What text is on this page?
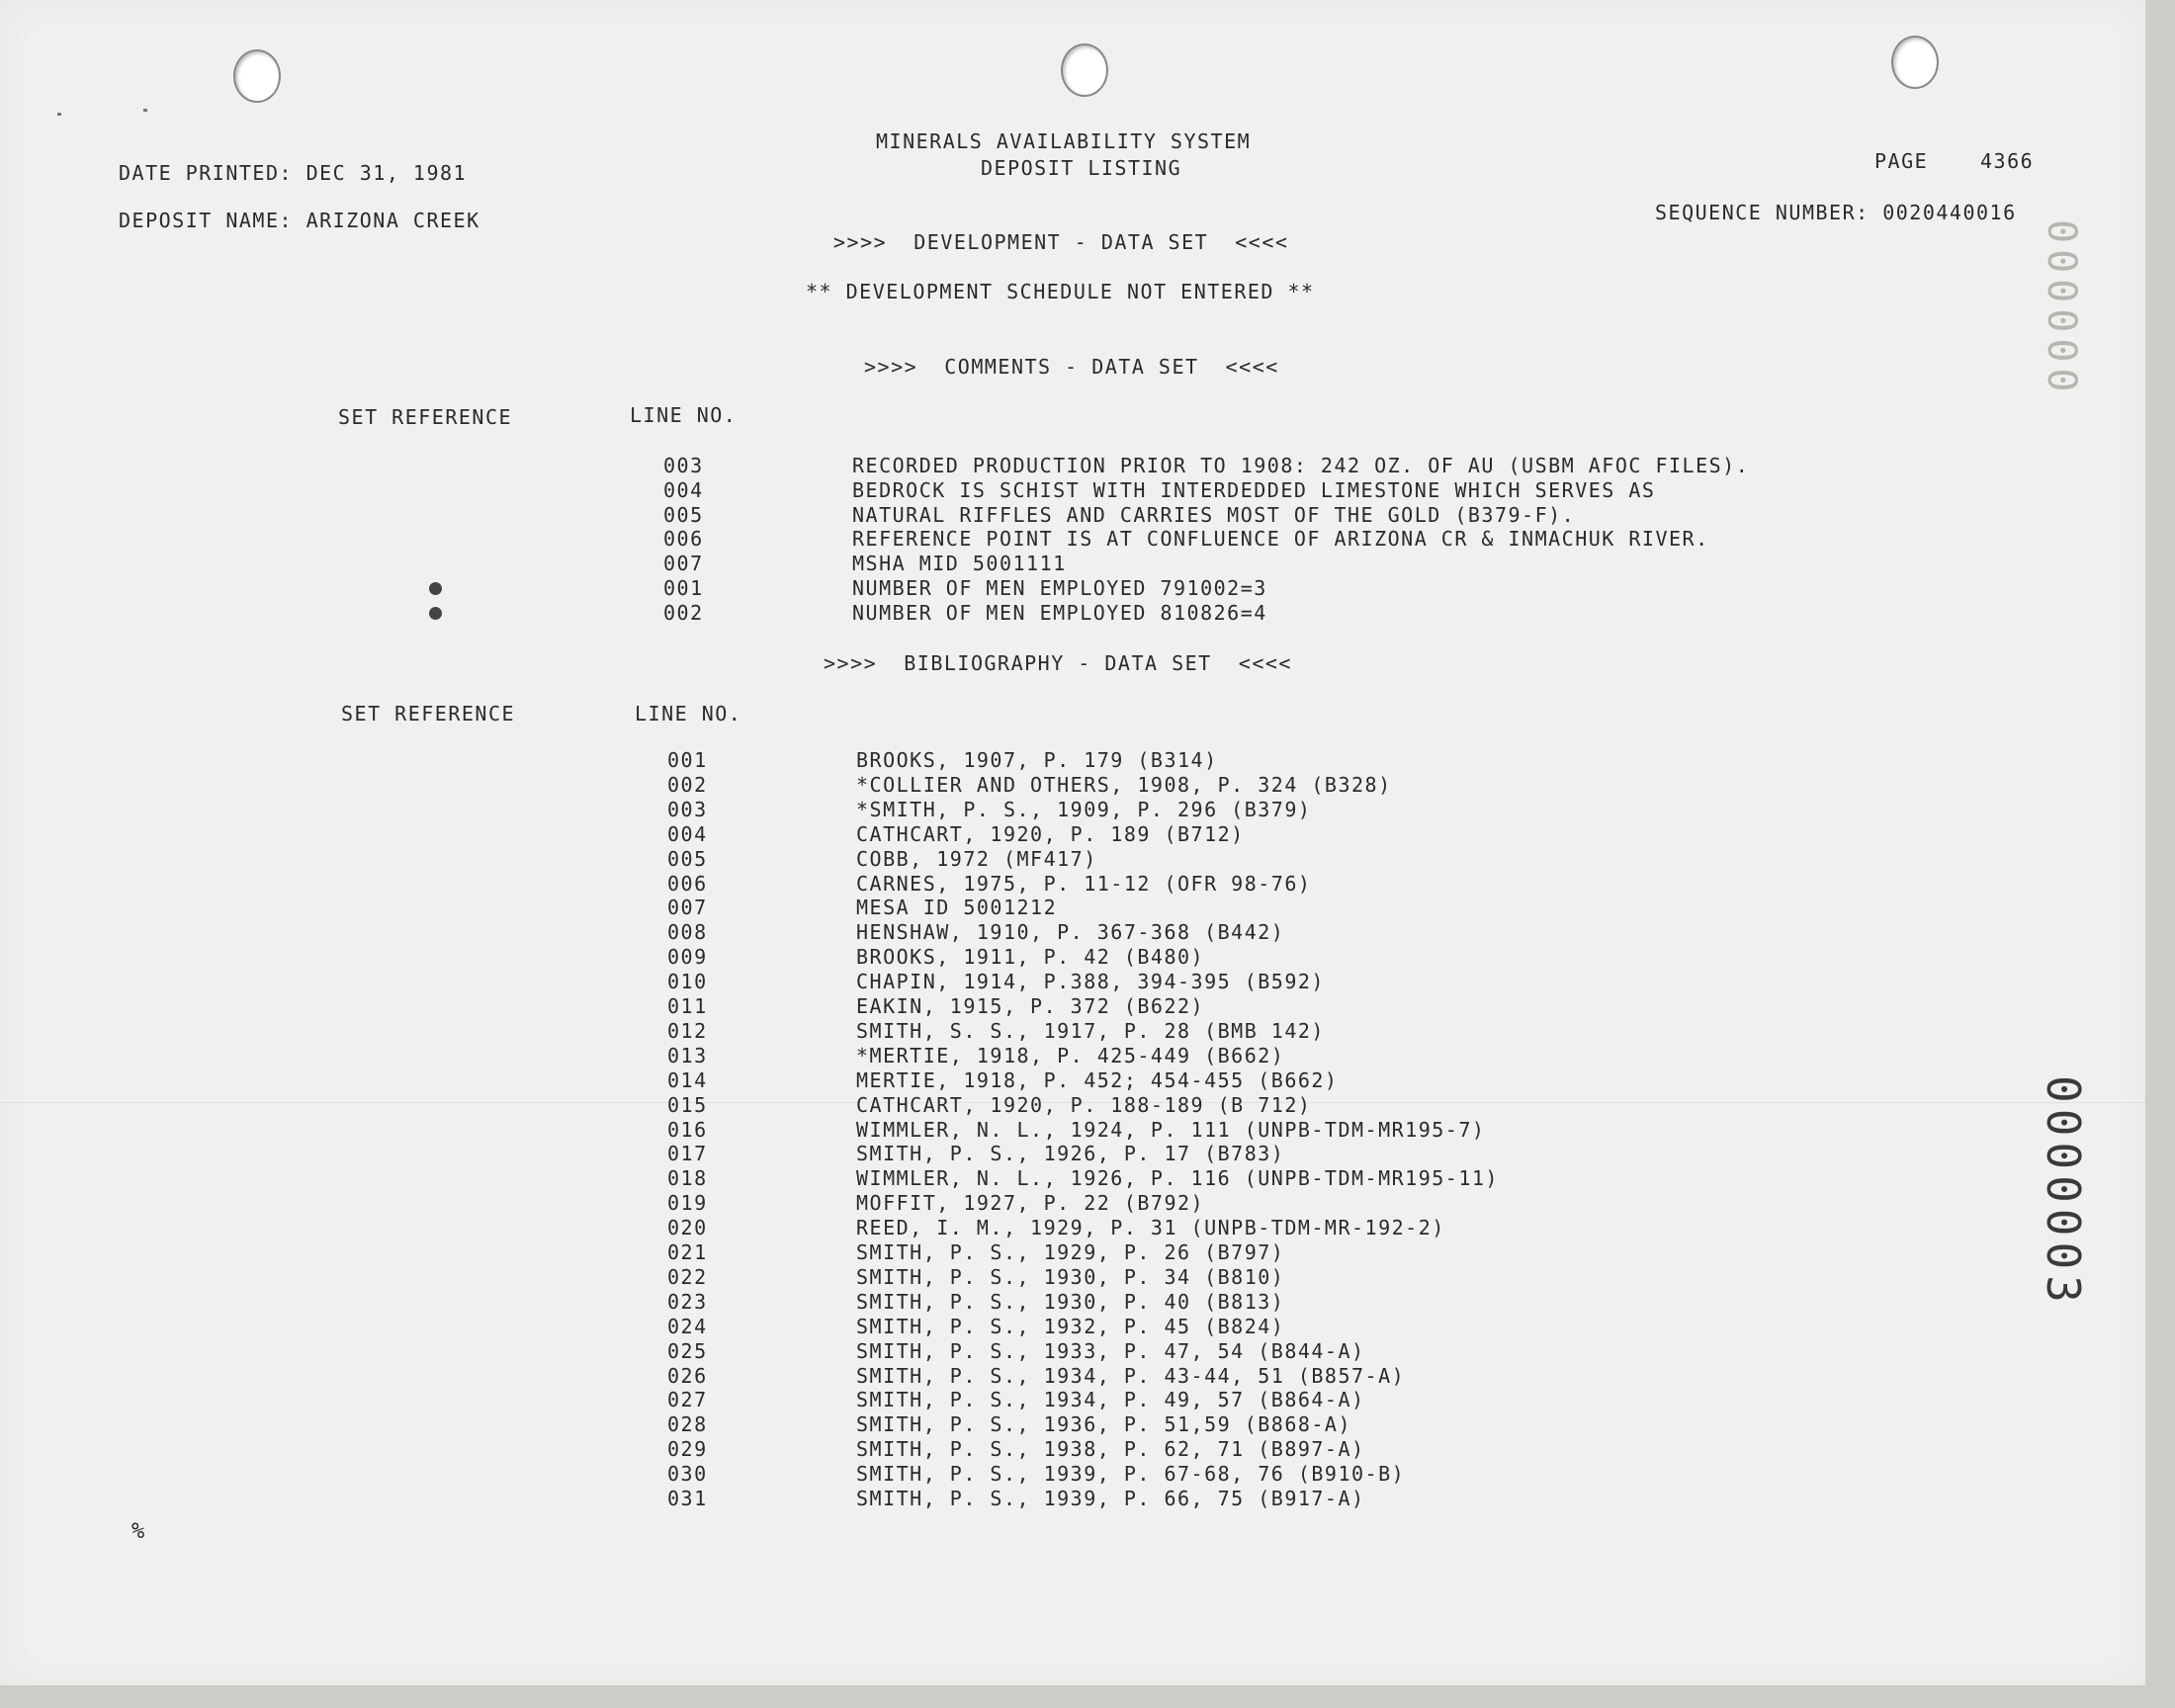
MINERALS AVAILABILITY SYSTEM
DEPOSIT LISTING
DATE PRINTED: DEC 31, 1981
DEPOSIT NAME: ARIZONA CREEK
PAGE	4366
SEQUENCE NUMBER: 0020440016
>>>>  DEVELOPMENT - DATA SET  <<<<
** DEVELOPMENT SCHEDULE NOT ENTERED **
>>>>  COMMENTS - DATA SET  <<<<
SET REFERENCE	LINE NO.
003	RECORDED PRODUCTION PRIOR TO 1908: 242 OZ. OF AU (USBM AFOC FILES).
004	BEDROCK IS SCHIST WITH INTERDEDDED LIMESTONE WHICH SERVES AS
005	NATURAL RIFFLES AND CARRIES MOST OF THE GOLD (B379-F).
006	REFERENCE POINT IS AT CONFLUENCE OF ARIZONA CR & INMACHUK RIVER.
007	MSHA MID 5001111
001	NUMBER OF MEN EMPLOYED 791002=3
002	NUMBER OF MEN EMPLOYED 810826=4
>>>>  BIBLIOGRAPHY - DATA SET  <<<<
SET REFERENCE	LINE NO.
001	BROOKS, 1907, P. 179 (B314)
002	*COLLIER AND OTHERS, 1908, P. 324 (B328)
003	*SMITH, P. S., 1909, P. 296 (B379)
004	CATHCART, 1920, P. 189 (B712)
005	COBB, 1972 (MF417)
006	CARNES, 1975, P. 11-12 (OFR 98-76)
007	MESA ID 5001212
008	HENSHAW, 1910, P. 367-368 (B442)
009	BROOKS, 1911, P. 42 (B480)
010	CHAPIN, 1914, P.388, 394-395 (B592)
011	EAKIN, 1915, P. 372 (B622)
012	SMITH, S. S., 1917, P. 28 (BMB 142)
013	*MERTIE, 1918, P. 425-449 (B662)
014	MERTIE, 1918, P. 452; 454-455 (B662)
015	CATHCART, 1920, P. 188-189 (B 712)
016	WIMMLER, N. L., 1924, P. 111 (UNPB-TDM-MR195-7)
017	SMITH, P. S., 1926, P. 17 (B783)
018	WIMMLER, N. L., 1926, P. 116 (UNPB-TDM-MR195-11)
019	MOFFIT, 1927, P. 22 (B792)
020	REED, I. M., 1929, P. 31 (UNPB-TDM-MR-192-2)
021	SMITH, P. S., 1929, P. 26 (B797)
022	SMITH, P. S., 1930, P. 34 (B810)
023	SMITH, P. S., 1930, P. 40 (B813)
024	SMITH, P. S., 1932, P. 45 (B824)
025	SMITH, P. S., 1933, P. 47, 54 (B844-A)
026	SMITH, P. S., 1934, P. 43-44, 51 (B857-A)
027	SMITH, P. S., 1934, P. 49, 57 (B864-A)
028	SMITH, P. S., 1936, P. 51,59 (B868-A)
029	SMITH, P. S., 1938, P. 62, 71 (B897-A)
030	SMITH, P. S., 1939, P. 67-68, 76 (B910-B)
031	SMITH, P. S., 1939, P. 66, 75 (B917-A)
%
0000003
000000
